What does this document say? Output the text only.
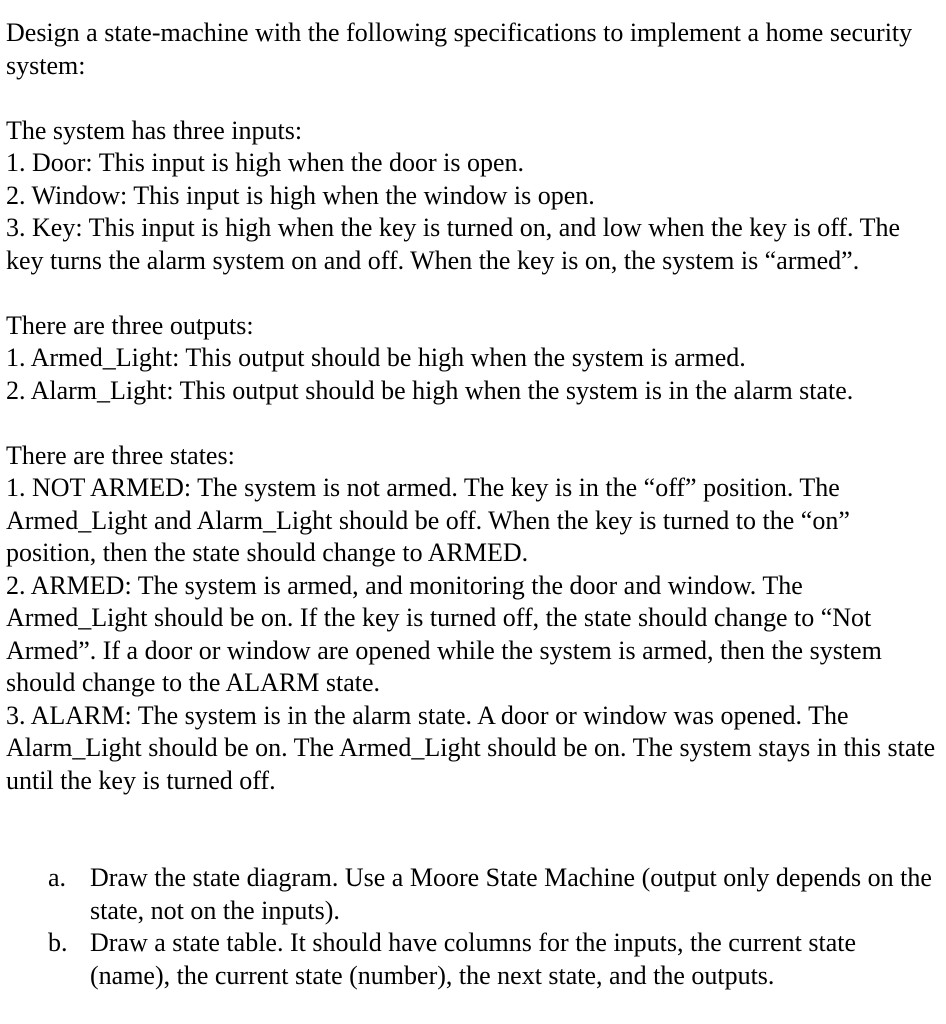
Design a state-machine with the following specifications to implement a home security system:

The system has three inputs:

1. Door: This input is high when the door is open.

2. Window: This input is high when the window is open.

3. Key: This input is high when the key is turned on, and low when the key is off. The key turns the alarm system on and off. When the key is on, the system is “armed”.

There are three outputs:

1. Armed_Light: This output should be high when the system is armed.

2. Alarm_Light: This output should be high when the system is in the alarm state.

There are three states:

1. NOT ARMED: The system is not armed. The key is in the “off” position. The Armed_Light and Alarm_Light should be off. When the key is turned to the “on” position, then the state should change to ARMED.

2. ARMED: The system is armed, and monitoring the door and window. The Armed_Light should be on. If the key is turned off, the state should change to “Not Armed”. If a door or window are opened while the system is armed, then the system should change to the ALARM state.

3. ALARM: The system is in the alarm state. A door or window was opened. The Alarm_Light should be on. The Armed_Light should be on. The system stays in this state until the key is turned off.

a. Draw the state diagram. Use a Moore State Machine (output only depends on the state, not on the inputs).
b. Draw a state table. It should have columns for the inputs, the current state (name), the current state (number), the next state, and the outputs.
